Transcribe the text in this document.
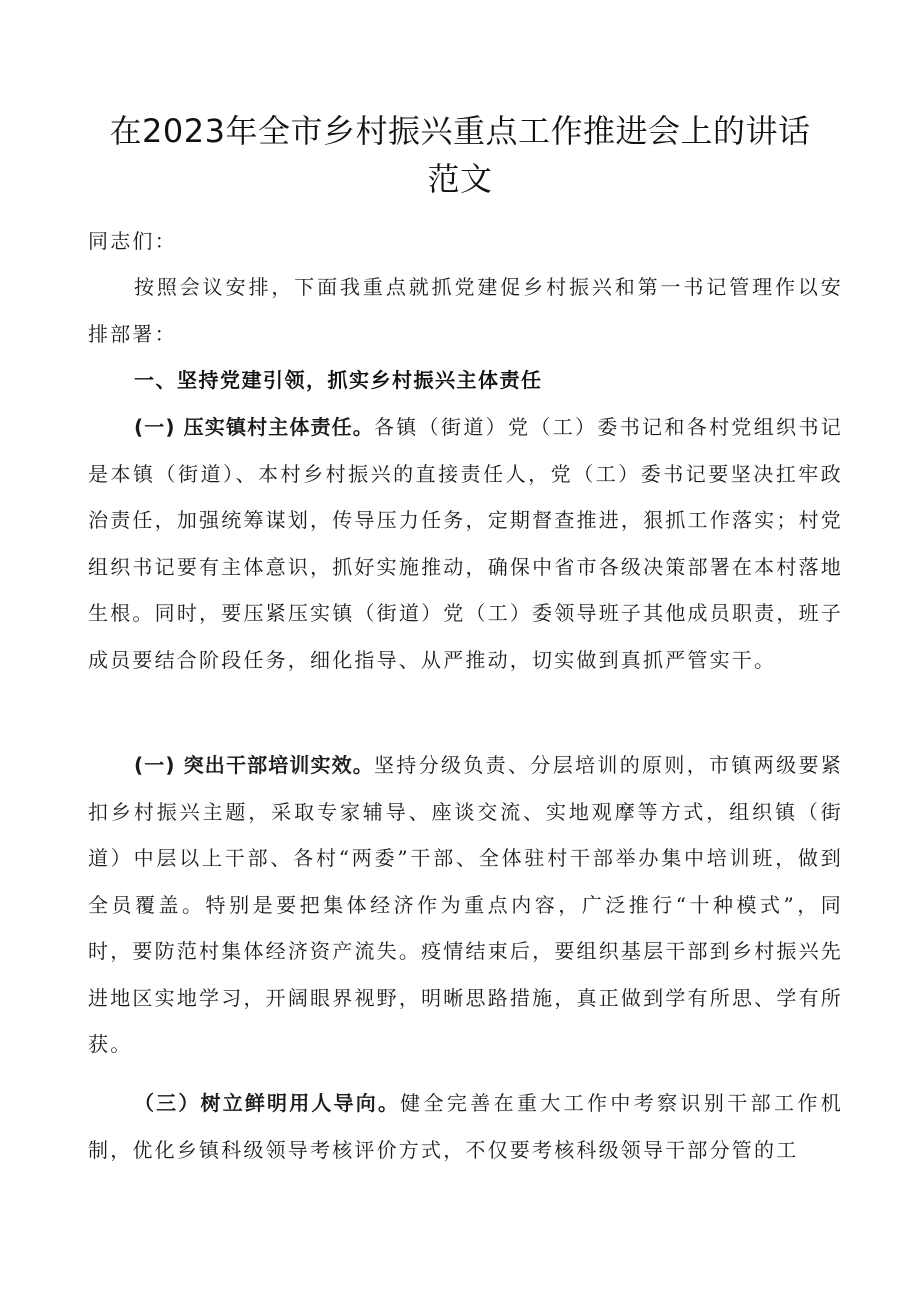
在2023年全市乡村振兴重点工作推进会上的讲话
范文
同志们：
按照会议安排，下面我重点就抓党建促乡村振兴和第一书记管理作以安排部署：
一、坚持党建引领，抓实乡村振兴主体责任
(一) 压实镇村主体责任。各镇（街道）党（工）委书记和各村党组织书记是本镇（街道）、本村乡村振兴的直接责任人，党（工）委书记要坚决扛牢政治责任，加强统筹谋划，传导压力任务，定期督查推进，狠抓工作落实；村党组织书记要有主体意识，抓好实施推动，确保中省市各级决策部署在本村落地生根。同时，要压紧压实镇（街道）党（工）委领导班子其他成员职责，班子成员要结合阶段任务，细化指导、从严推动，切实做到真抓严管实干。
(一) 突出干部培训实效。坚持分级负责、分层培训的原则，市镇两级要紧扣乡村振兴主题，采取专家辅导、座谈交流、实地观摩等方式，组织镇（街道）中层以上干部、各村“两委”干部、全体驻村干部举办集中培训班，做到全员覆盖。特别是要把集体经济作为重点内容，广泛推行“十种模式”，同时，要防范村集体经济资产流失。疫情结束后，要组织基层干部到乡村振兴先进地区实地学习，开阔眼界视野，明晰思路措施，真正做到学有所思、学有所获。
（三）树立鲜明用人导向。健全完善在重大工作中考察识别干部工作机制，优化乡镇科级领导考核评价方式，不仅要考核科级领导干部分管的工
